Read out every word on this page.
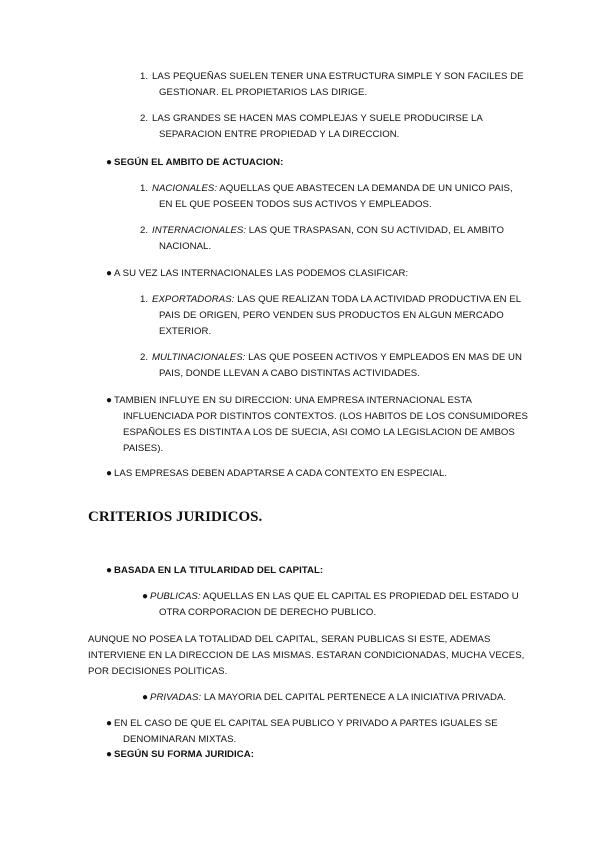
1. LAS PEQUEÑAS SUELEN TENER UNA ESTRUCTURA SIMPLE Y SON FACILES DE
GESTIONAR. EL PROPIETARIOS LAS DIRIGE.
2. LAS GRANDES SE HACEN MAS COMPLEJAS Y SUELE PRODUCIRSE LA
SEPARACION ENTRE PROPIEDAD Y LA DIRECCION.
● SEGÚN EL AMBITO DE ACTUACION:
1. NACIONALES: AQUELLAS QUE ABASTECEN LA DEMANDA DE UN UNICO PAIS,
EN EL QUE POSEEN TODOS SUS ACTIVOS Y EMPLEADOS.
2. INTERNACIONALES: LAS QUE TRASPASAN, CON SU ACTIVIDAD, EL AMBITO
NACIONAL.
● A SU VEZ LAS INTERNACIONALES LAS PODEMOS CLASIFICAR:
1. EXPORTADORAS: LAS QUE REALIZAN TODA LA ACTIVIDAD PRODUCTIVA EN EL
PAIS DE ORIGEN, PERO VENDEN SUS PRODUCTOS EN ALGUN MERCADO
EXTERIOR.
2. MULTINACIONALES: LAS QUE POSEEN ACTIVOS Y EMPLEADOS EN MAS DE UN
PAIS, DONDE LLEVAN A CABO DISTINTAS ACTIVIDADES.
● TAMBIEN INFLUYE EN SU DIRECCION: UNA EMPRESA INTERNACIONAL ESTA
INFLUENCIADA POR DISTINTOS CONTEXTOS. (LOS HABITOS DE LOS CONSUMIDORES
ESPAÑOLES ES DISTINTA A LOS DE SUECIA, ASI COMO LA LEGISLACION DE AMBOS
PAISES).
● LAS EMPRESAS DEBEN ADAPTARSE A CADA CONTEXTO EN ESPECIAL.
CRITERIOS JURIDICOS.
● BASADA EN LA TITULARIDAD DEL CAPITAL:
● PUBLICAS: AQUELLAS EN LAS QUE EL CAPITAL ES PROPIEDAD DEL ESTADO U
OTRA CORPORACION DE DERECHO PUBLICO.
AUNQUE NO POSEA LA TOTALIDAD DEL CAPITAL, SERAN PUBLICAS SI ESTE, ADEMAS
INTERVIENE EN LA DIRECCION DE LAS MISMAS. ESTARAN CONDICIONADAS, MUCHA VECES,
POR DECISIONES POLITICAS.
● PRIVADAS: LA MAYORIA DEL CAPITAL PERTENECE A LA INICIATIVA PRIVADA.
● EN EL CASO DE QUE EL CAPITAL SEA PUBLICO Y PRIVADO A PARTES IGUALES SE
DENOMINARAN MIXTAS.
● SEGÚN SU FORMA JURIDICA:
